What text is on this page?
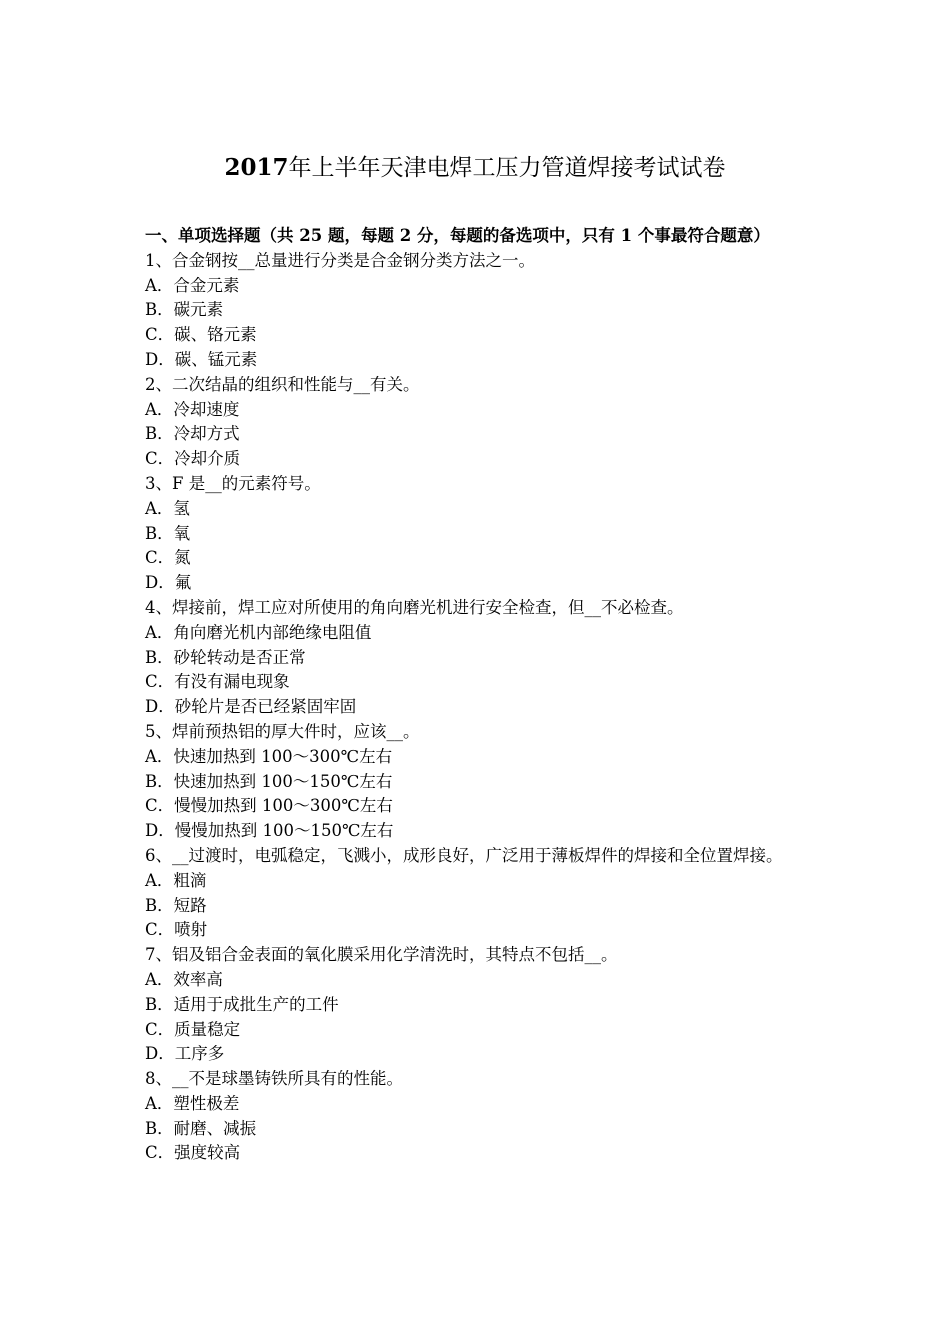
2017年上半年天津电焊工压力管道焊接考试试卷
一、单项选择题（共 25 题，每题 2 分，每题的备选项中，只有 1 个事最符合题意）
1、合金钢按__总量进行分类是合金钢分类方法之一。
A．合金元素
B．碳元素
C．碳、铬元素
D．碳、锰元素
2、二次结晶的组织和性能与__有关。
A．冷却速度
B．冷却方式
C．冷却介质
3、F 是__的元素符号。
A．氢
B．氧
C．氮
D．氟
4、焊接前，焊工应对所使用的角向磨光机进行安全检查，但__不必检查。
A．角向磨光机内部绝缘电阻值
B．砂轮转动是否正常
C．有没有漏电现象
D．砂轮片是否已经紧固牢固
5、焊前预热铝的厚大件时，应该__。
A．快速加热到 100～300℃左右
B．快速加热到 100～150℃左右
C．慢慢加热到 100～300℃左右
D．慢慢加热到 100～150℃左右
6、__过渡时，电弧稳定，飞溅小，成形良好，广泛用于薄板焊件的焊接和全位置焊接。
A．粗滴
B．短路
C．喷射
7、铝及铝合金表面的氧化膜采用化学清洗时，其特点不包括__。
A．效率高
B．适用于成批生产的工件
C．质量稳定
D．工序多
8、__不是球墨铸铁所具有的性能。
A．塑性极差
B．耐磨、减振
C．强度较高
